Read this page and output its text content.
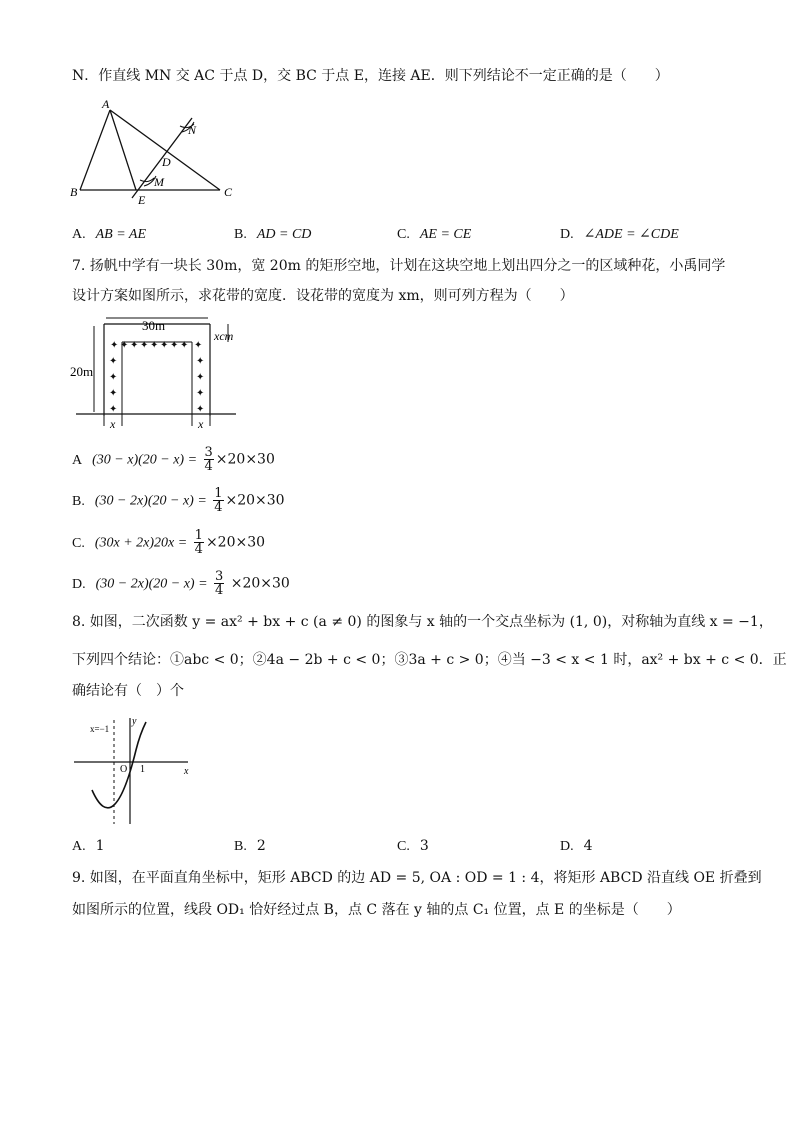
N．作直线 MN 交 AC 于点 D，交 BC 于点 E，连接 AE．则下列结论不一定正确的是（　　）
A
B	C
D
E
M
N
A. AB = AE	B. AD = CD	C. AE = CE	D. ∠ADE = ∠CDE
7. 扬帆中学有一块长 30m，宽 20m 的矩形空地，计划在这块空地上划出四分之一的区域种花，小禹同学
设计方案如图所示，求花带的宽度．设花带的宽度为 xm，则可列方程为（　　）
✦ ✦ ✦ ✦ ✦ ✦ ✦ ✦ ✦
✦
✦
✦
✦
✦
✦
✦
✦
30m
20m
xcm
x	x
A $(30 - x)(20 - x) = \frac{3}{4} \times 20\times 30$
B. $(30 - 2x)(20 - x) = \frac{1}{4} \times 20\times 30$
C. $(30x + 2x)20x = \frac{1}{4} \times 20\times 30$
D. $(30 - 2x)(20 - x) = \frac{3}{4} \times 20\times 30$
8. 如图，二次函数 y = ax² + bx + c (a ≠ 0) 的图象与 x 轴的一个交点坐标为 (1, 0)，对称轴为直线 x = −1，
下列四个结论：①abc < 0；②4a − 2b + c < 0；③3a + c > 0；④当 −3 < x < 1 时，ax² + bx + c < 0．正
确结论有（　）个
x=−1
y
x
O 1
A. 1	B. 2	C. 3	D. 4
9. 如图，在平面直角坐标中，矩形 ABCD 的边 AD = 5, OA : OD = 1 : 4，将矩形 ABCD 沿直线 OE 折叠到
如图所示的位置，线段 OD₁ 恰好经过点 B，点 C 落在 y 轴的点 C₁ 位置，点 E 的坐标是（　　）
